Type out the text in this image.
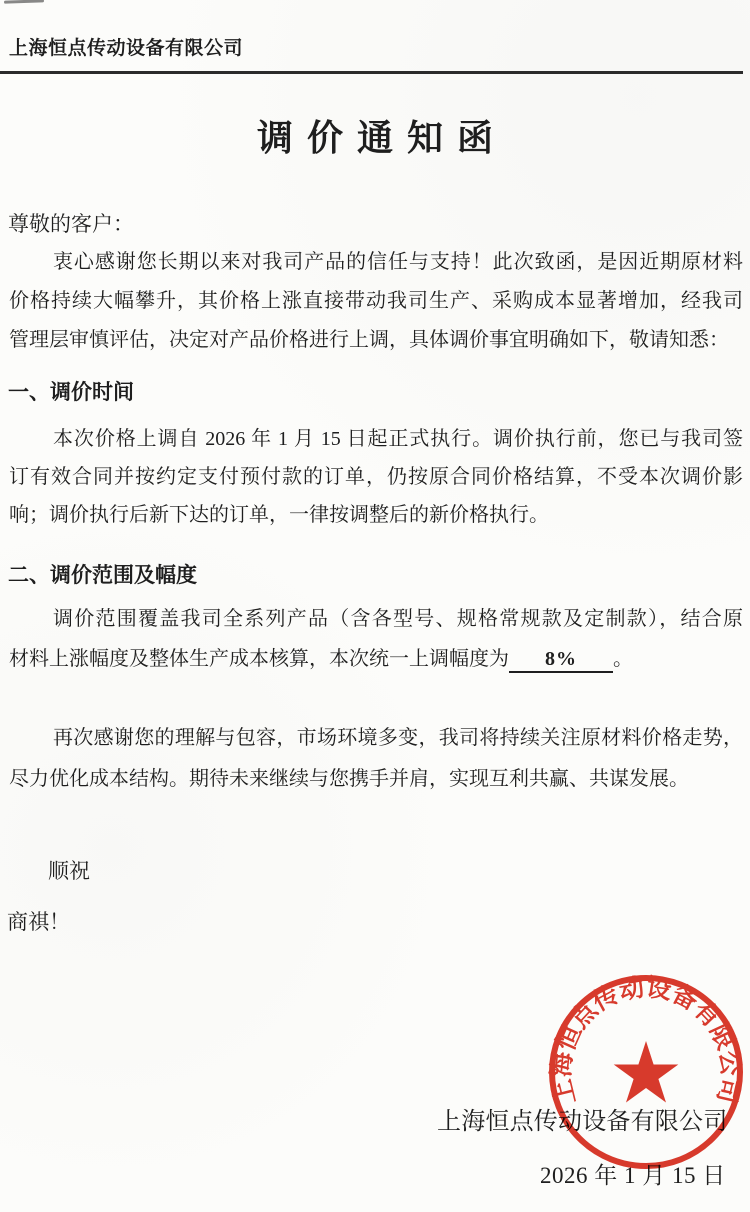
上海恒点传动设备有限公司
调价通知函
尊敬的客户：
衷心感谢您长期以来对我司产品的信任与支持！此次致函，是因近期原材料
价格持续大幅攀升，其价格上涨直接带动我司生产、采购成本显著增加，经我司
管理层审慎评估，决定对产品价格进行上调，具体调价事宜明确如下，敬请知悉：
一、调价时间
本次价格上调自 2026 年 1 月 15 日起正式执行。调价执行前，您已与我司签
订有效合同并按约定支付预付款的订单，仍按原合同价格结算，不受本次调价影
响；调价执行后新下达的订单，一律按调整后的新价格执行。
二、调价范围及幅度
调价范围覆盖我司全系列产品（含各型号、规格常规款及定制款），结合原
材料上涨幅度及整体生产成本核算，本次统一上调幅度为 8% 。
再次感谢您的理解与包容，市场环境多变，我司将持续关注原材料价格走势，
尽力优化成本结构。期待未来继续与您携手并肩，实现互利共赢、共谋发展。
顺祝
商祺！
上海恒点传动设备有限公司
2026 年 1 月 15 日
上海恒点传动设备有限公司
